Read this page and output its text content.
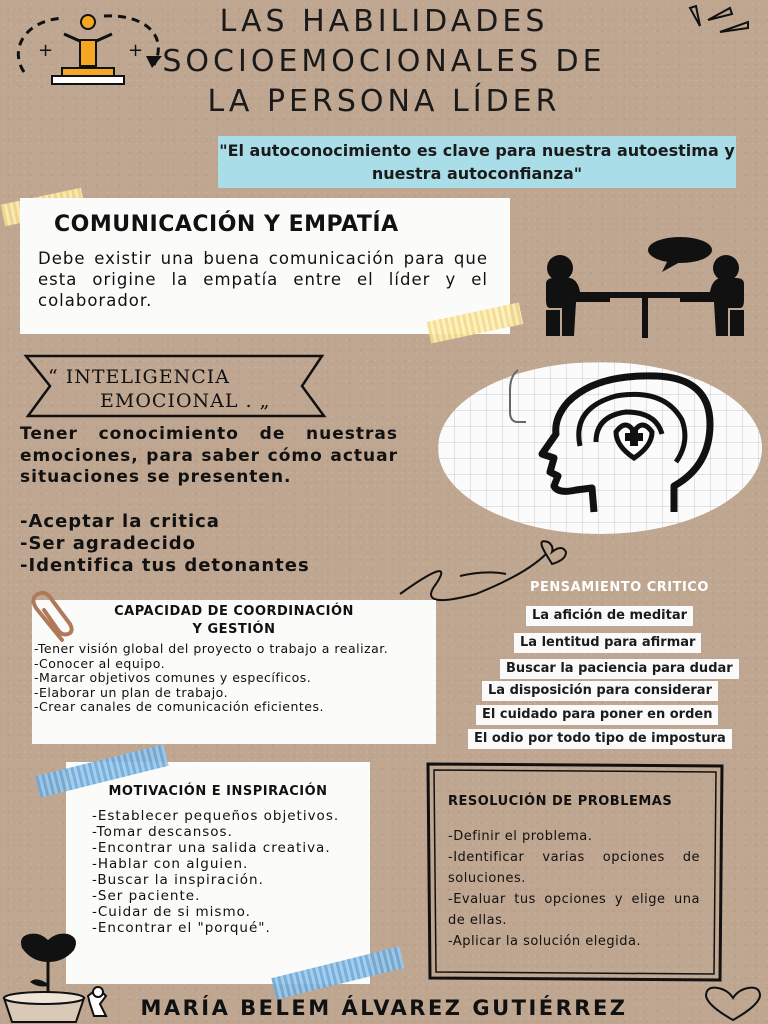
+	+
LAS HABILIDADES
SOCIOEMOCIONALES DE
LA PERSONA LÍDER
"El autoconocimiento es clave para nuestra autoestima y nuestra autoconfianza"
COMUNICACIÓN Y EMPATÍA
Debe existir una buena comunicación para que esta origine la empatía entre el líder y el colaborador.
“ INTELIGENCIA
EMOCIONAL . „
Tener conocimiento de nuestras emociones, para saber cómo actuar situaciones se presenten.
-Aceptar la critica
-Ser agradecido
-Identifica tus detonantes
PENSAMIENTO CRITICO
La afición de meditar
La lentitud para afirmar
Buscar la paciencia para dudar
La disposición para considerar
El cuidado para poner en orden
El odio por todo tipo de impostura
CAPACIDAD DE COORDINACIÓN
Y GESTIÓN
-Tener visión global del proyecto o trabajo a realizar.
-Conocer al equipo.
-Marcar objetivos comunes y específicos.
-Elaborar un plan de trabajo.
-Crear canales de comunicación eficientes.
MOTIVACIÓN E INSPIRACIÓN
-Establecer pequeños objetivos.
-Tomar descansos.
-Encontrar una salida creativa.
-Hablar con alguien.
-Buscar la inspiración.
-Ser paciente.
-Cuidar de si mismo.
-Encontrar el "porqué".
RESOLUCIÓN DE PROBLEMAS
-Definir el problema.
-Identificar varias opciones de soluciones.
-Evaluar tus opciones y elige una de ellas.
-Aplicar la solución elegida.
MARÍA BELEM ÁLVAREZ GUTIÉRREZ
